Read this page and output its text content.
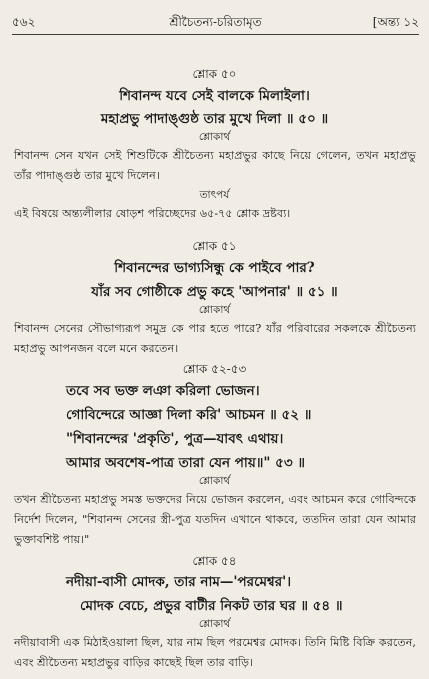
৫৬২	শ্রীচৈতন্য-চরিতামৃত	[অন্ত্য ১২
শ্লোক ৫০
শিবানন্দ যবে সেই বালকে মিলাইলা।
মহাপ্রভু পাদাঙ্গুষ্ঠ তার মুখে দিলা ॥ ৫০ ॥
শ্লোকার্থ
শিবানন্দ সেন যখন সেই শিশুটিকে শ্রীচৈতন্য মহাপ্রভুর কাছে নিয়ে গেলেন, তখন মহাপ্রভু তাঁর পাদাঙ্গুষ্ঠ তার মুখে দিলেন।
তাৎপর্য
এই বিষয়ে অন্ত্যলীলার ষোড়শ পরিচ্ছেদের ৬৫-৭৫ শ্লোক দ্রষ্টব্য।
শ্লোক ৫১
শিবানন্দের ভাগ্যসিন্ধু কে পাইবে পার?
যাঁর সব গোষ্ঠীকে প্রভু কহে 'আপনার' ॥ ৫১ ॥
শ্লোকার্থ
শিবানন্দ সেনের সৌভাগ্যরূপ সমুদ্র কে পার হতে পারে? যাঁর পরিবারের সকলকে শ্রীচৈতন্য মহাপ্রভু আপনজন বলে মনে করতেন।
শ্লোক ৫২-৫৩
তবে সব ভক্ত লঞা করিলা ভোজন।
গোবিন্দেরে আজ্ঞা দিলা করি' আচমন ॥ ৫২ ॥
"শিবানন্দের 'প্রকৃতি', পুত্র—যাবৎ এথায়।
আমার অবশেষ-পাত্র তারা যেন পায়॥" ৫৩ ॥
শ্লোকার্থ
তখন শ্রীচৈতন্য মহাপ্রভু সমস্ত ভক্তদের নিয়ে ভোজন করলেন, এবং আচমন করে গোবিন্দকে নির্দেশ দিলেন, "শিবানন্দ সেনের স্ত্রী-পুত্র যতদিন এখানে থাকবে, ততদিন তারা যেন আমার ভুক্তাবশিষ্ট পায়।"
শ্লোক ৫৪
নদীয়া-বাসী মোদক, তার নাম—'পরমেশ্বর'।
মোদক বেচে, প্রভুর বাটীর নিকট তার ঘর ॥ ৫৪ ॥
শ্লোকার্থ
নদীয়াবাসী এক মিঠাইওয়ালা ছিল, যার নাম ছিল পরমেশ্বর মোদক। তিনি মিষ্টি বিক্রি করতেন, এবং শ্রীচৈতন্য মহাপ্রভুর বাড়ির কাছেই ছিল তার বাড়ি।
